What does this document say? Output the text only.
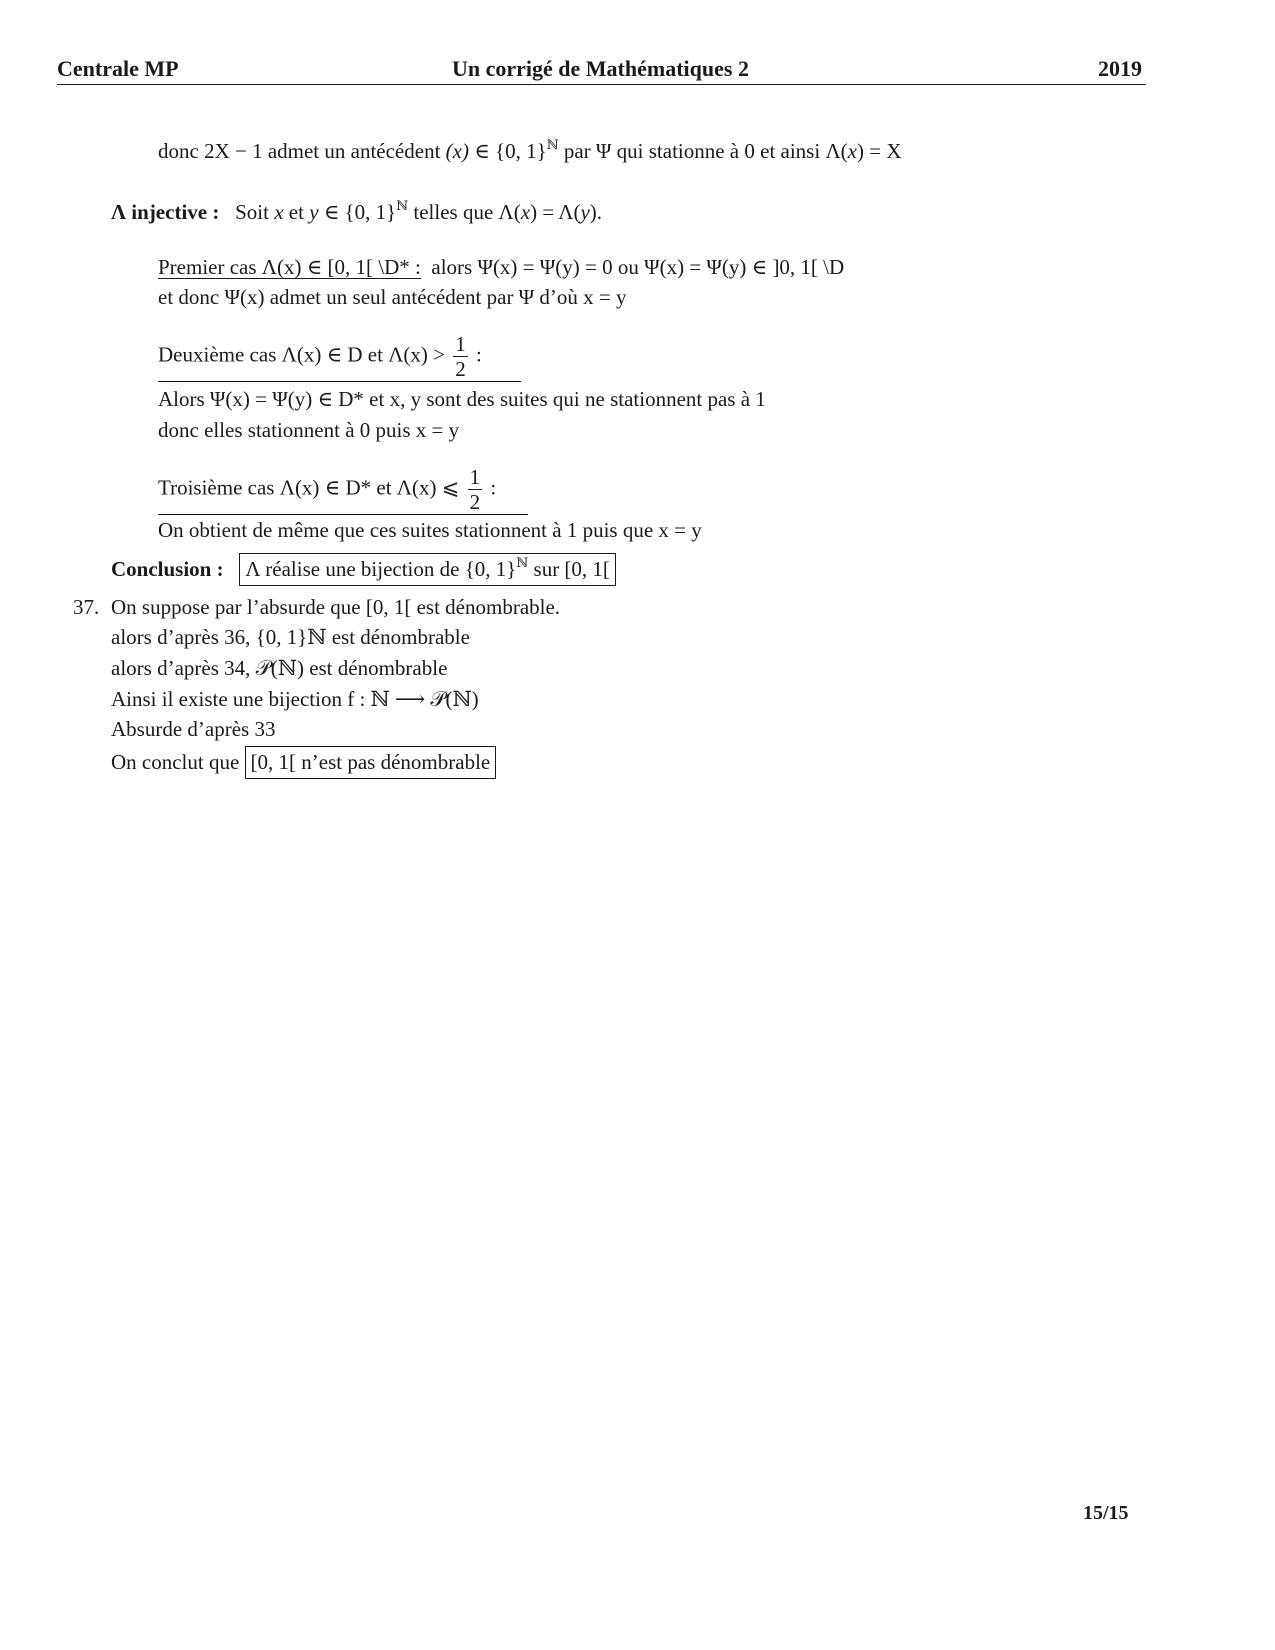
Centrale MP	Un corrigé de Mathématiques 2	2019
donc 2X − 1 admet un antécédent (x) ∈ {0, 1}$^ℕ$ par Ψ qui stationne à 0 et ainsi Λ(x) = X
Λ injective : Soit x et y ∈ {0, 1}$^ℕ$ telles que Λ(x) = Λ(y).
Premier cas Λ(x) ∈ [0, 1[ \D* : alors Ψ(x) = Ψ(y) = 0 ou Ψ(x) = Ψ(y) ∈ ]0, 1[ \D
et donc Ψ(x) admet un seul antécédent par Ψ d’où x = y
Deuxième cas Λ(x) ∈ D et $\Lambda(x) > \frac{1}{2}$ :
Alors Ψ(x) = Ψ(y) ∈ D* et x, y sont des suites qui ne stationnent pas à 1
donc elles stationnent à 0 puis x = y
Troisième cas Λ(x) ∈ D* et Λ(x) ⩽ $\frac{1}{2}$ :
On obtient de même que ces suites stationnent à 1 puis que x = y
Conclusion : Λ réalise une bijection de {0, 1}$^ℕ$ sur [0, 1[
37. On suppose par l’absurde que [0, 1[ est dénombrable.
alors d’après 36, {0, 1}ℕ est dénombrable
alors d’après 34, 𝒫(ℕ) est dénombrable
Ainsi il existe une bijection f : ℕ ⟶ 𝒫(ℕ)
Absurde d’après 33
On conclut que [0, 1[ n’est pas dénombrable
15/15
